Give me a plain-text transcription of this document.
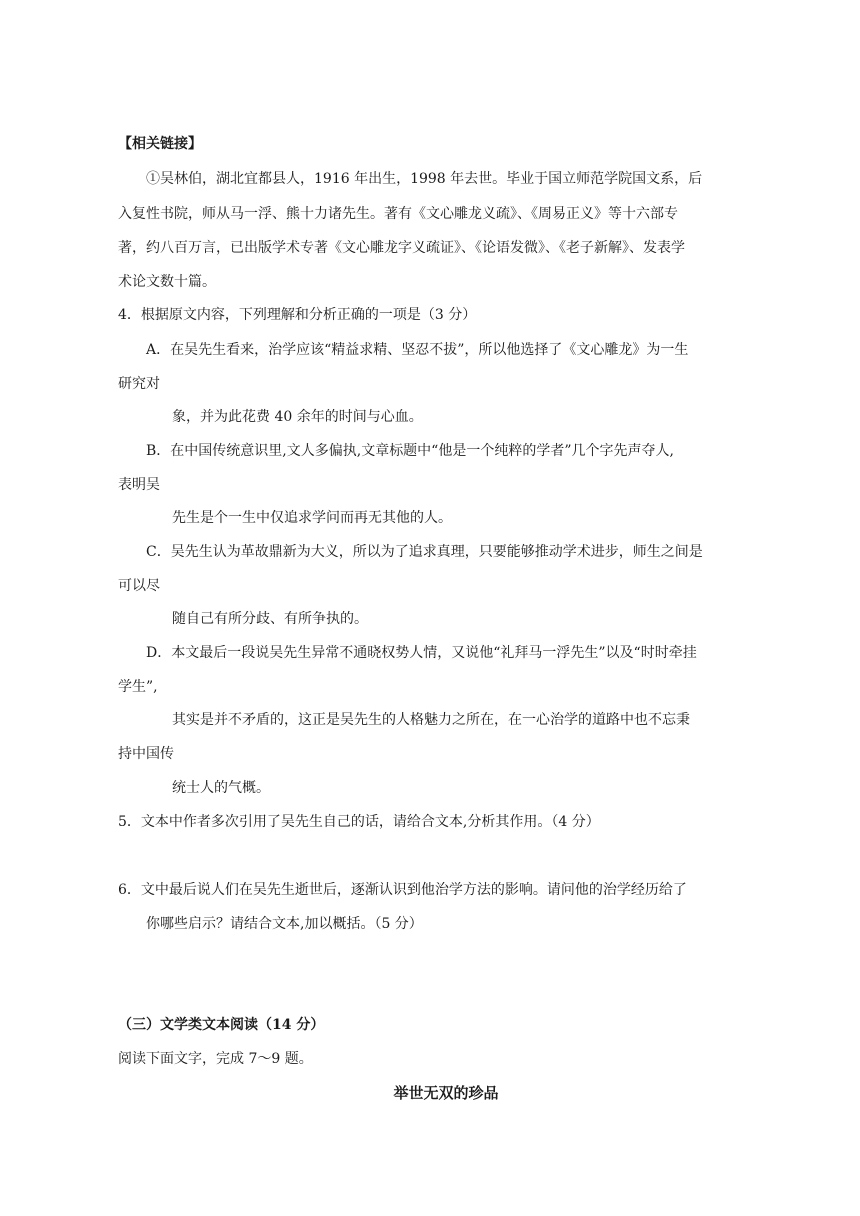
【相关链接】
①吴林伯，湖北宜都县人，1916 年出生，1998 年去世。毕业于国立师范学院国文系，后
入复性书院，师从马一浮、熊十力诸先生。著有《文心雕龙义疏》、《周易正义》等十六部专
著，约八百万言，已出版学术专著《文心雕龙字义疏证》、《论语发微》、《老子新解》、发表学
术论文数十篇。
4．根据原文内容，下列理解和分析正确的一项是（3 分）
A．在吴先生看来，治学应该“精益求精、坚忍不拔”，所以他选择了《文心雕龙》为一生
研究对
象，并为此花费 40 余年的时间与心血。
B．在中国传统意识里,文人多偏执,文章标题中“他是一个纯粹的学者”几个字先声夺人,
表明吴
先生是个一生中仅追求学问而再无其他的人。
C．吴先生认为革故鼎新为大义，所以为了追求真理，只要能够推动学术进步，师生之间是
可以尽
随自己有所分歧、有所争执的。
D．本文最后一段说吴先生异常不通晓权势人情，又说他“礼拜马一浮先生”以及“时时牵挂
学生”,
其实是并不矛盾的，这正是吴先生的人格魅力之所在，在一心治学的道路中也不忘秉
持中国传
统士人的气概。
5．文本中作者多次引用了吴先生自己的话，请给合文本,分析其作用。（4 分）
6．文中最后说人们在吴先生逝世后，逐渐认识到他治学方法的影响。请问他的治学经历给了
你哪些启示？请结合文本,加以概括。（5 分）
（三）文学类文本阅读（14 分）
阅读下面文字，完成 7～9 题。
举世无双的珍品
